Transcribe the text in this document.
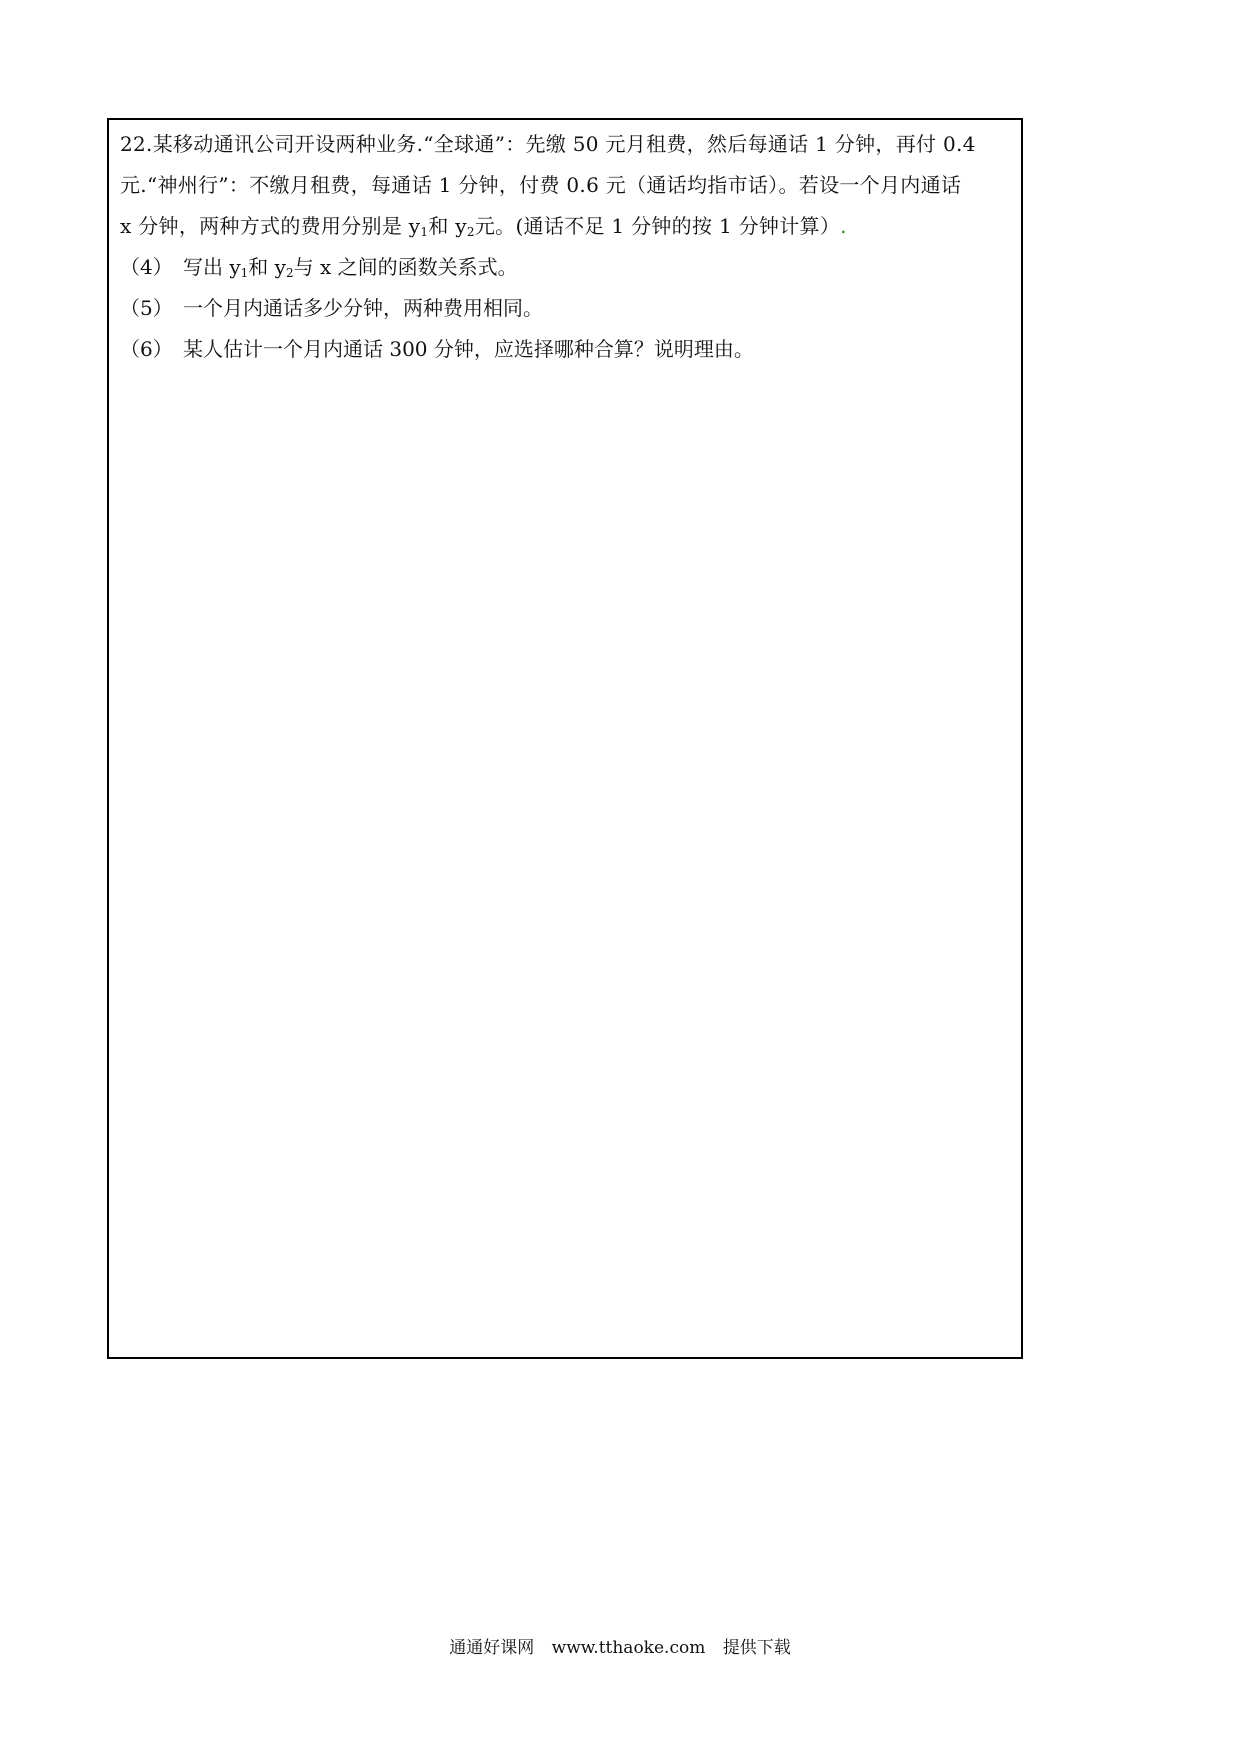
22.某移动通讯公司开设两种业务.“全球通”：先缴 50 元月租费，然后每通话 1 分钟，再付 0.4

元.“神州行”：不缴月租费，每通话 1 分钟，付费 0.6 元（通话均指市话）。若设一个月内通话

x 分钟，两种方式的费用分别是 $y_1$和 $y_2$元。(通话不足 1 分钟的按 1 分钟计算）.

（4） 写出 $y_1$和 $y_2$与 x 之间的函数关系式。
（5） 一个月内通话多少分钟，两种费用相同。
（6） 某人估计一个月内通话 300 分钟，应选择哪种合算？说明理由。
通通好课网 www.tthaoke.com 提供下载
